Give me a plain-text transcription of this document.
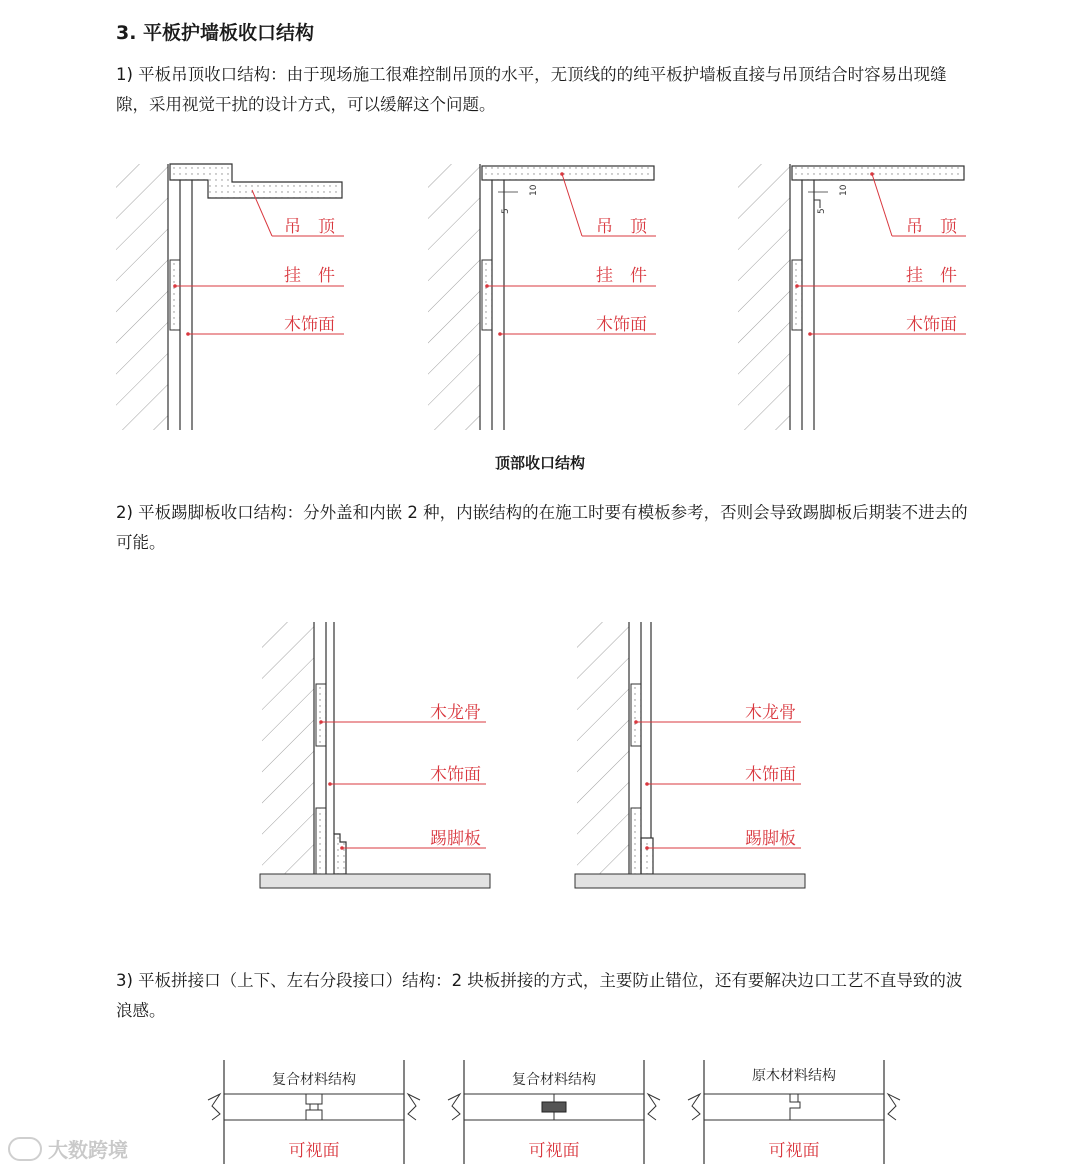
3. 平板护墙板收口结构

1) 平板吊顶收口结构：由于现场施工很难控制吊顶的水平，无顶线的的纯平板护墙板直接与吊顶结合时容易出现缝隙，采用视觉干扰的设计方式，可以缓解这个问题。

吊　顶
挂　件
木饰面
10
5
吊　顶
挂　件
木饰面
10
5
吊　顶
挂　件
木饰面
顶部收口结构

2) 平板踢脚板收口结构：分外盖和内嵌 2 种，内嵌结构的在施工时要有模板参考，否则会导致踢脚板后期装不进去的可能。

木龙骨
木饰面
踢脚板
木龙骨
木饰面
踢脚板

3) 平板拼接口（上下、左右分段接口）结构：2 块板拼接的方式，主要防止错位，还有要解决边口工艺不直导致的波浪感。

复合材料结构
可视面
复合材料结构
可视面
原木材料结构
可视面
大数跨境
